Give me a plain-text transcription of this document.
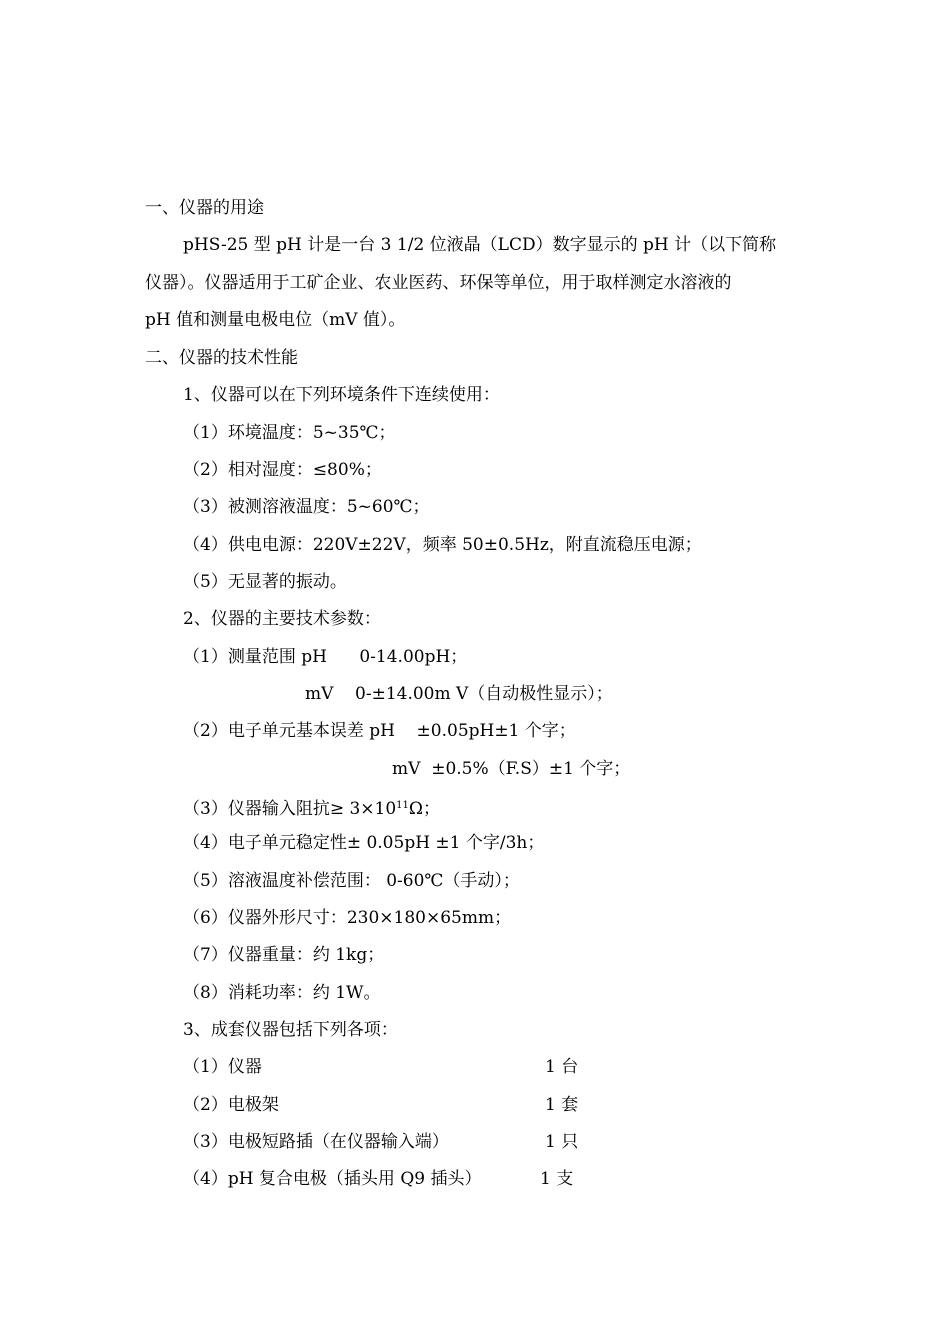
一、仪器的用途
pHS-25 型 pH 计是一台 3 1/2 位液晶（LCD）数字显示的 pH 计（以下简称
仪器）。仪器适用于工矿企业、农业医药、环保等单位，用于取样测定水溶液的
pH 值和测量电极电位（mV 值）。
二、仪器的技术性能
1、仪器可以在下列环境条件下连续使用：
（1）环境温度：5~35℃；
（2）相对湿度：≤80%；
（3）被测溶液温度：5~60℃；
（4）供电电源：220V±22V，频率 50±0.5Hz，附直流稳压电源；
（5）无显著的振动。
2、仪器的主要技术参数：
（1）测量范围 pH      0-14.00pH；
mV    0-±14.00m V（自动极性显示）；
（2）电子单元基本误差 pH    ±0.05pH±1 个字；
mV  ±0.5%（F.S）±1 个字；
（3）仪器输入阻抗≥ $3\times 10^{11}\Omega$；
（4）电子单元稳定性± 0.05pH ±1 个字/3h；
（5）溶液温度补偿范围： 0-60℃（手动）；
（6）仪器外形尺寸：230×180×65mm；
（7）仪器重量：约 1kg；
（8）消耗功率：约 1W。
3、成套仪器包括下列各项：
（1）仪器	1 台
（2）电极架	1 套
（3）电极短路插（在仪器输入端）	1 只
（4）pH 复合电极（插头用 Q9 插头）	1 支
